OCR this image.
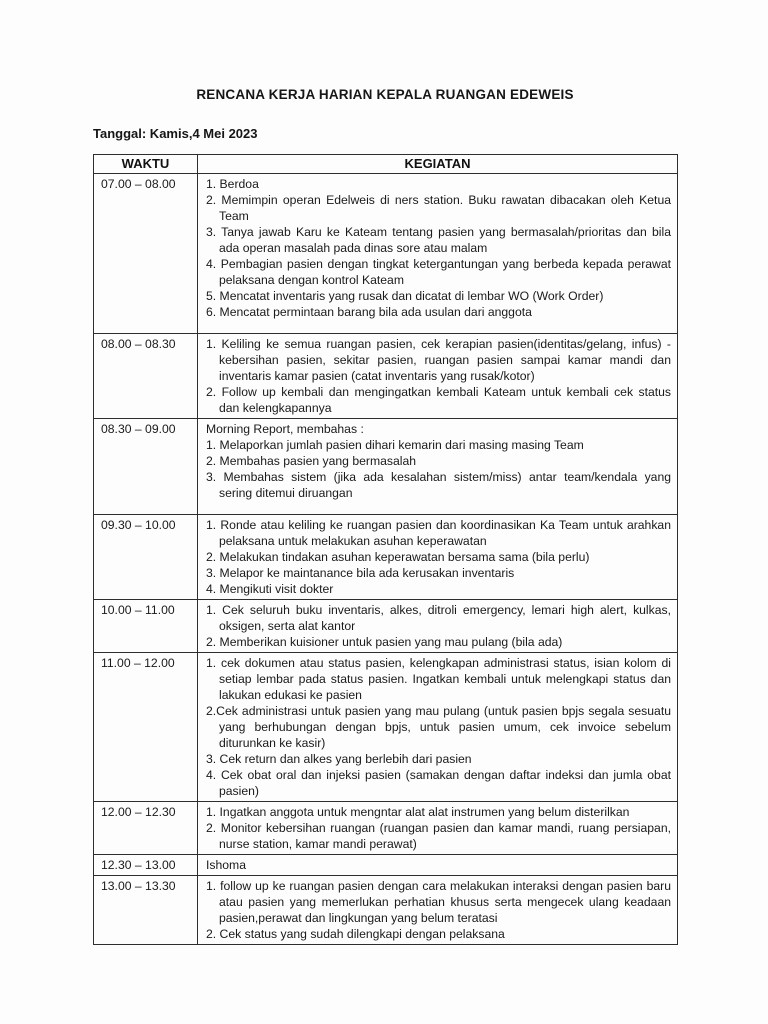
RENCANA KERJA HARIAN KEPALA RUANGAN EDEWEIS
Tanggal: Kamis,4 Mei 2023
WAKTU	KEGIATAN
07.00 – 08.00	1. Berdoa
2. Memimpin operan Edelweis di ners station. Buku rawatan dibacakan oleh Ketua Team
3. Tanya jawab Karu ke Kateam tentang pasien yang bermasalah/prioritas dan bila ada operan masalah pada dinas sore atau malam
4. Pembagian pasien dengan tingkat ketergantungan yang berbeda kepada perawat pelaksana dengan kontrol Kateam
5. Mencatat inventaris yang rusak dan dicatat di lembar WO (Work Order)
6. Mencatat permintaan barang bila ada usulan dari anggota

08.00 – 08.30	1. Keliling ke semua ruangan pasien, cek kerapian pasien(identitas/gelang, infus) -kebersihan pasien, sekitar pasien, ruangan pasien sampai kamar mandi dan inventaris kamar pasien (catat inventaris yang rusak/kotor)
2. Follow up kembali dan mengingatkan kembali Kateam untuk kembali cek status dan kelengkapannya

08.30 – 09.00	Morning Report, membahas :
1. Melaporkan jumlah pasien dihari kemarin dari masing masing Team
2. Membahas pasien yang bermasalah
3. Membahas sistem (jika ada kesalahan sistem/miss) antar team/kendala yang sering ditemui diruangan

09.30 – 10.00	1. Ronde atau keliling ke ruangan pasien dan koordinasikan Ka Team untuk arahkan pelaksana untuk melakukan asuhan keperawatan
2. Melakukan tindakan asuhan keperawatan bersama sama (bila perlu)
3. Melapor ke maintanance bila ada kerusakan inventaris
4. Mengikuti visit dokter

10.00 – 11.00	1. Cek seluruh buku inventaris, alkes, ditroli emergency, lemari high alert, kulkas, oksigen, serta alat kantor
2. Memberikan kuisioner untuk pasien yang mau pulang (bila ada)

11.00 – 12.00	1. cek dokumen atau status pasien, kelengkapan administrasi status, isian kolom di setiap lembar pada status pasien. Ingatkan kembali untuk melengkapi status dan lakukan edukasi ke pasien
2.Cek administrasi untuk pasien yang mau pulang (untuk pasien bpjs segala sesuatu yang berhubungan dengan bpjs, untuk pasien umum, cek invoice sebelum diturunkan ke kasir)
3. Cek return dan alkes yang berlebih dari pasien
4. Cek obat oral dan injeksi pasien (samakan dengan daftar indeksi dan jumla obat pasien)

12.00 – 12.30	1. Ingatkan anggota untuk mengntar alat alat instrumen yang belum disterilkan
2. Monitor kebersihan ruangan (ruangan pasien dan kamar mandi, ruang persiapan, nurse station, kamar mandi perawat)

12.30 – 13.00	Ishoma

13.00 – 13.30	1. follow up ke ruangan pasien dengan cara melakukan interaksi dengan pasien baru atau pasien yang memerlukan perhatian khusus serta mengecek ulang keadaan pasien,perawat dan lingkungan yang belum teratasi
2. Cek status yang sudah dilengkapi dengan pelaksana
